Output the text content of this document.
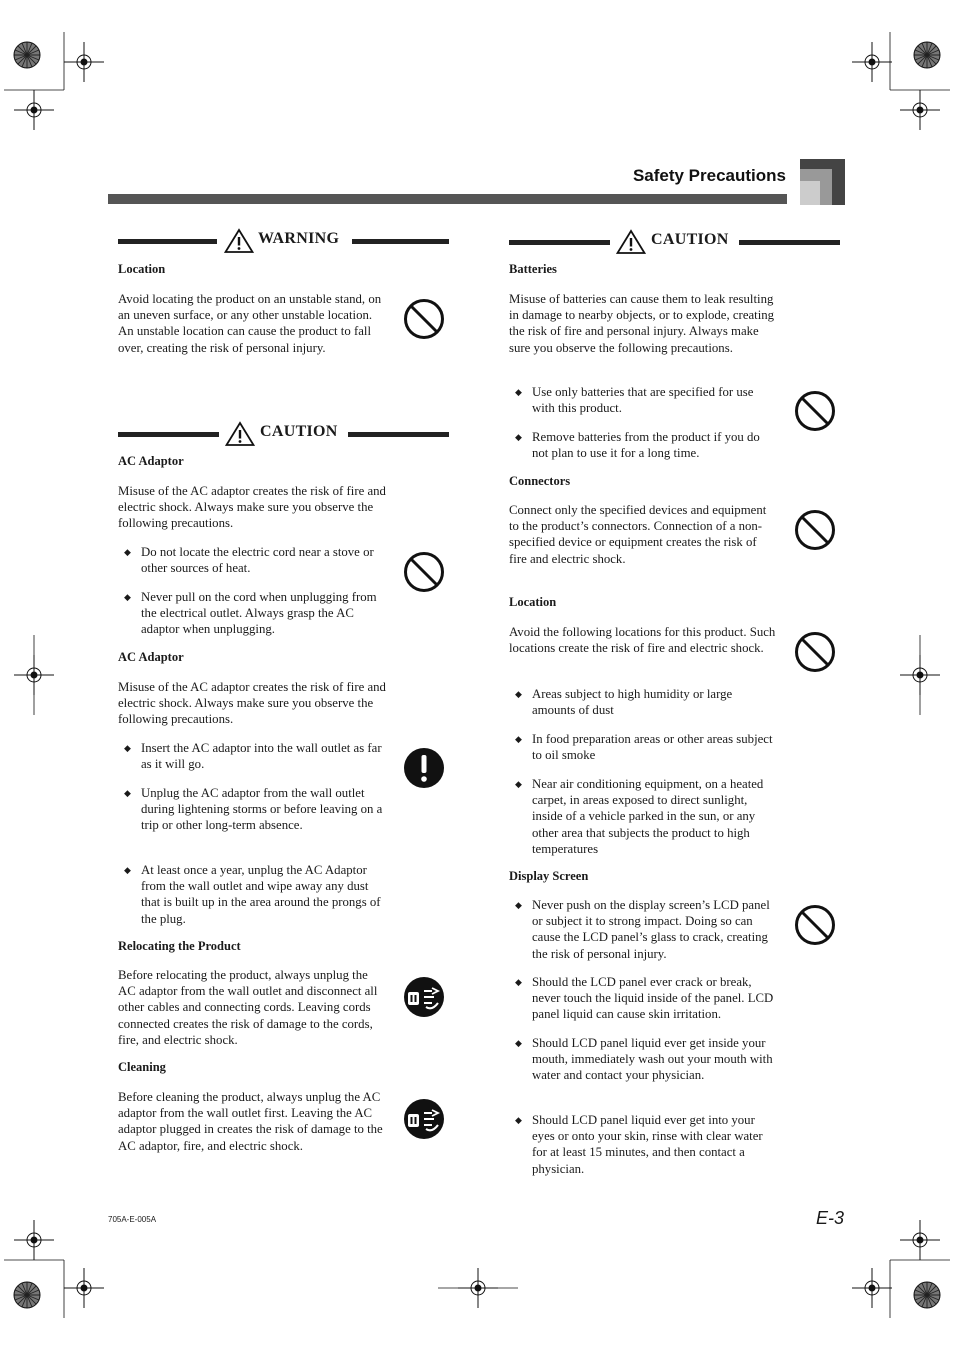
Safety Precautions
WARNING
Location
Avoid locating the product on an unstable stand, on an uneven surface, or any other unstable location. An unstable location can cause the product to fall over, creating the risk of personal injury.
CAUTION
AC Adaptor
Misuse of the AC adaptor creates the risk of fire and electric shock. Always make sure you observe the following precautions.
◆ Do not locate the electric cord near a stove or other sources of heat.
◆ Never pull on the cord when unplugging from the electrical outlet. Always grasp the AC adaptor when unplugging.
AC Adaptor
Misuse of the AC adaptor creates the risk of fire and electric shock. Always make sure you observe the following precautions.
◆ Insert the AC adaptor into the wall outlet as far as it will go.
◆ Unplug the AC adaptor from the wall outlet during lightening storms or before leaving on a trip or other long-term absence.
◆ At least once a year, unplug the AC Adaptor from the wall outlet and wipe away any dust that is built up in the area around the prongs of the plug.
Relocating the Product
Before relocating the product, always unplug the AC adaptor from the wall outlet and disconnect all other cables and connecting cords. Leaving cords connected creates the risk of damage to the cords, fire, and electric shock.
Cleaning
Before cleaning the product, always unplug the AC adaptor from the wall outlet first. Leaving the AC adaptor plugged in creates the risk of damage to the AC adaptor, fire, and electric shock.
CAUTION
Batteries
Misuse of batteries can cause them to leak resulting in damage to nearby objects, or to explode, creating the risk of fire and personal injury. Always make sure you observe the following precautions.
◆ Use only batteries that are specified for use with this product.
◆ Remove batteries from the product if you do not plan to use it for a long time.
Connectors
Connect only the specified devices and equipment to the product’s connectors. Connection of a non-specified device or equipment creates the risk of fire and electric shock.
Location
Avoid the following locations for this product. Such locations create the risk of fire and electric shock.
◆ Areas subject to high humidity or large amounts of dust
◆ In food preparation areas or other areas subject to oil smoke
◆ Near air conditioning equipment, on a heated carpet, in areas exposed to direct sunlight, inside of a vehicle parked in the sun, or any other area that subjects the product to high temperatures
Display Screen
◆ Never push on the display screen’s LCD panel or subject it to strong impact. Doing so can cause the LCD panel’s glass to crack, creating the risk of personal injury.
◆ Should the LCD panel ever crack or break, never touch the liquid inside of the panel. LCD panel liquid can cause skin irritation.
◆ Should LCD panel liquid ever get inside your mouth, immediately wash out your mouth with water and contact your physician.
◆ Should LCD panel liquid ever get into your eyes or onto your skin, rinse with clear water for at least 15 minutes, and then contact a physician.
705A-E-005A	E-3
